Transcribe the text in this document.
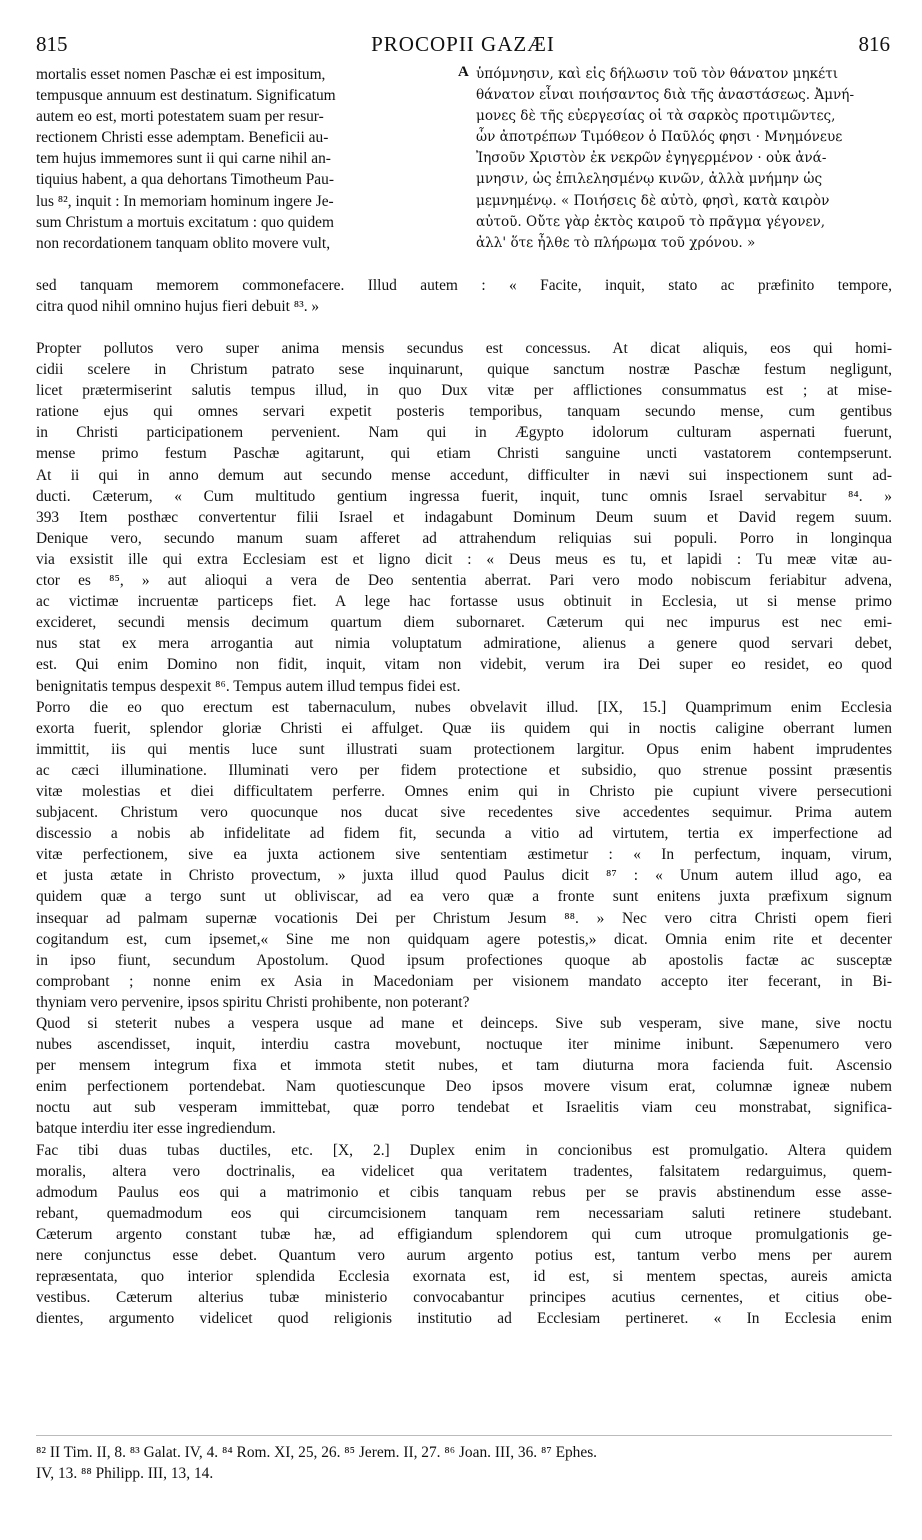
815	PROCOPII GAZÆI	816
mortalis esset nomen Paschæ ei est impositum,
tempusque annuum est destinatum. Significatum
autem eo est, morti potestatem suam per resur-
rectionem Christi esse ademptam. Beneficii au-
tem hujus immemores sunt ii qui carne nihil an-
tiquius habent, a qua dehortans Timotheum Pau-
lus ⁸², inquit : In memoriam hominum ingere Je-
sum Christum a mortuis excitatum : quo quidem
non recordationem tanquam oblito movere vult,
A ὑπόμνησιν, καὶ εἰς δήλωσιν τοῦ τὸν θάνατον μηκέτι
θάνατον εἶναι ποιήσαντος διὰ τῆς ἀναστάσεως. Ἀμνή-
μονες δὲ τῆς εὐεργεσίας οἱ τὰ σαρκὸς προτιμῶντες,
ὧν ἀποτρέπων Τιμόθεον ὁ Παῦλός φησι · Μνημόνευε
Ἰησοῦν Χριστὸν ἐκ νεκρῶν ἐγηγερμένον · οὐκ ἀνά-
μνησιν, ὡς ἐπιλελησμένῳ κινῶν, ἀλλὰ μνήμην ὡς
μεμνημένῳ. « Ποιήσεις δὲ αὐτὸ, φησὶ, κατὰ καιρὸν
αὐτοῦ. Οὔτε γὰρ ἐκτὸς καιροῦ τὸ πρᾶγμα γέγονεν,
ἀλλ' ὅτε ἦλθε τὸ πλήρωμα τοῦ χρόνου. »
sed tanquam memorem commonefacere. Illud autem : « Facite, inquit, stato ac præfinito tempore,
citra quod nihil omnino hujus fieri debuit ⁸³. »
Propter pollutos vero super anima mensis secundus est concessus. At dicat aliquis, eos qui homi-
cidii scelere in Christum patrato sese inquinarunt, quique sanctum nostræ Paschæ festum negligunt,
licet prætermiserint salutis tempus illud, in quo Dux vitæ per afflictiones consummatus est ; at mise-
ratione ejus qui omnes servari expetit posteris temporibus, tanquam secundo mense, cum gentibus
in Christi participationem pervenient. Nam qui in Ægypto idolorum culturam aspernati fuerunt,
mense primo festum Paschæ agitarunt, qui etiam Christi sanguine uncti vastatorem contempserunt.
At ii qui in anno demum aut secundo mense accedunt, difficulter in nævi sui inspectionem sunt ad-
ducti. Cæterum, « Cum multitudo gentium ingressa fuerit, inquit, tunc omnis Israel servabitur ⁸⁴. »
393 Item posthæc convertentur filii Israel et indagabunt Dominum Deum suum et David regem suum.
Denique vero, secundo manum suam afferet ad attrahendum reliquias sui populi. Porro in longinqua
via exsistit ille qui extra Ecclesiam est et ligno dicit : « Deus meus es tu, et lapidi : Tu meæ vitæ au-
ctor es ⁸⁵, » aut alioqui a vera de Deo sententia aberrat. Pari vero modo nobiscum feriabitur advena,
ac victimæ incruentæ particeps fiet. A lege hac fortasse usus obtinuit in Ecclesia, ut si mense primo
excideret, secundi mensis decimum quartum diem subornaret. Cæterum qui nec impurus est nec emi-
nus stat ex mera arrogantia aut nimia voluptatum admiratione, alienus a genere quod servari debet,
est. Qui enim Domino non fidit, inquit, vitam non videbit, verum ira Dei super eo residet, eo quod
benignitatis tempus despexit ⁸⁶. Tempus autem illud tempus fidei est.
Porro die eo quo erectum est tabernaculum, nubes obvelavit illud. [IX, 15.] Quamprimum enim Ecclesia
exorta fuerit, splendor gloriæ Christi ei affulget. Quæ iis quidem qui in noctis caligine oberrant lumen
immittit, iis qui mentis luce sunt illustrati suam protectionem largitur. Opus enim habent imprudentes
ac cæci illuminatione. Illuminati vero per fidem protectione et subsidio, quo strenue possint præsentis
vitæ molestias et diei difficultatem perferre. Omnes enim qui in Christo pie cupiunt vivere persecutioni
subjacent. Christum vero quocunque nos ducat sive recedentes sive accedentes sequimur. Prima autem
discessio a nobis ab infidelitate ad fidem fit, secunda a vitio ad virtutem, tertia ex imperfectione ad
vitæ perfectionem, sive ea juxta actionem sive sententiam æstimetur : « In perfectum, inquam, virum,
et justa ætate in Christo provectum, » juxta illud quod Paulus dicit ⁸⁷ : « Unum autem illud ago, ea
quidem quæ a tergo sunt ut obliviscar, ad ea vero quæ a fronte sunt enitens juxta præfixum signum
insequar ad palmam supernæ vocationis Dei per Christum Jesum ⁸⁸. » Nec vero citra Christi opem fieri
cogitandum est, cum ipsemet,« Sine me non quidquam agere potestis,» dicat. Omnia enim rite et decenter
in ipso fiunt, secundum Apostolum. Quod ipsum profectiones quoque ab apostolis factæ ac susceptæ
comprobant ; nonne enim ex Asia in Macedoniam per visionem mandato accepto iter fecerant, in Bi-
thyniam vero pervenire, ipsos spiritu Christi prohibente, non poterant?
Quod si steterit nubes a vespera usque ad mane et deinceps. Sive sub vesperam, sive mane, sive noctu
nubes ascendisset, inquit, interdiu castra movebunt, noctuque iter minime inibunt. Sæpenumero vero
per mensem integrum fixa et immota stetit nubes, et tam diuturna mora facienda fuit. Ascensio
enim perfectionem portendebat. Nam quotiescunque Deo ipsos movere visum erat, columnæ igneæ nubem
noctu aut sub vesperam immittebat, quæ porro tendebat et Israelitis viam ceu monstrabat, significa-
batque interdiu iter esse ingrediendum.
Fac tibi duas tubas ductiles, etc. [X, 2.] Duplex enim in concionibus est promulgatio. Altera quidem
moralis, altera vero doctrinalis, ea videlicet qua veritatem tradentes, falsitatem redarguimus, quem-
admodum Paulus eos qui a matrimonio et cibis tanquam rebus per se pravis abstinendum esse asse-
rebant, quemadmodum eos qui circumcisionem tanquam rem necessariam saluti retinere studebant.
Cæterum argento constant tubæ hæ, ad effigiandum splendorem qui cum utroque promulgationis ge-
nere conjunctus esse debet. Quantum vero aurum argento potius est, tantum verbo mens per aurem
repræsentata, quo interior splendida Ecclesia exornata est, id est, si mentem spectas, aureis amicta
vestibus. Cæterum alterius tubæ ministerio convocabantur principes acutius cernentes, et citius obe-
dientes, argumento videlicet quod religionis institutio ad Ecclesiam pertineret. « In Ecclesia enim
⁸² II Tim. II, 8. ⁸³ Galat. IV, 4. ⁸⁴ Rom. XI, 25, 26. ⁸⁵ Jerem. II, 27. ⁸⁶ Joan. III, 36. ⁸⁷ Ephes.
IV, 13. ⁸⁸ Philipp. III, 13, 14.
